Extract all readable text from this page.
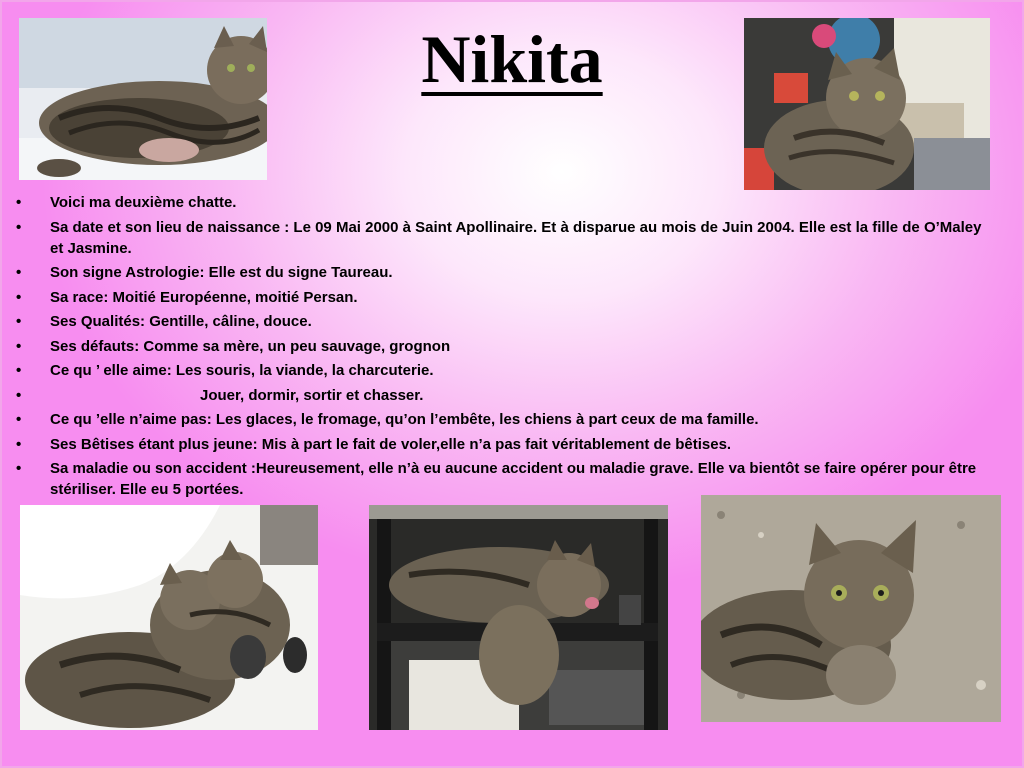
Nikita
• Voici ma deuxième chatte.
• Sa date et son lieu de naissance : Le 09 Mai 2000 à Saint Apollinaire. Et à disparue au mois de Juin 2004. Elle est la fille de O’Maley et Jasmine.
• Son signe Astrologie: Elle est du signe Taureau.
• Sa race: Moitié Européenne, moitié Persan.
• Ses Qualités: Gentille, câline, douce.
• Ses défauts: Comme sa mère, un peu sauvage, grognon
• Ce qu ’ elle aime: Les souris, la viande, la charcuterie.
• Jouer, dormir, sortir et chasser.
• Ce qu ’elle n’aime pas: Les glaces, le fromage, qu’on l’embête, les chiens à part ceux de ma famille.
• Ses Bêtises étant plus jeune: Mis à part le fait de voler,elle n’a pas fait véritablement de bêtises.
• Sa maladie ou son accident :Heureusement, elle n’à eu aucune accident ou maladie grave. Elle va bientôt se faire opérer pour être stériliser. Elle eu 5 portées.
